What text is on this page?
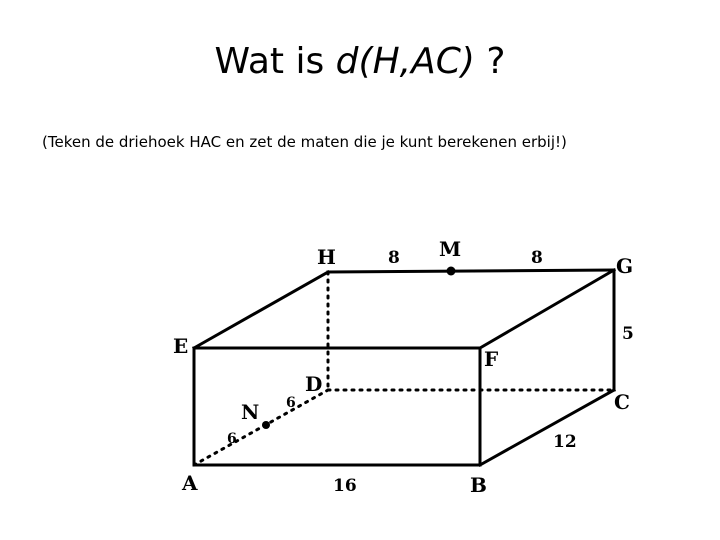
Wat is d(H,AC) ?
(Teken de driehoek HAC en zet de maten die je kunt berekenen erbij!)
H	M
G
E
F
D
C
N
A	B
8	8
5
12
16
6
6
